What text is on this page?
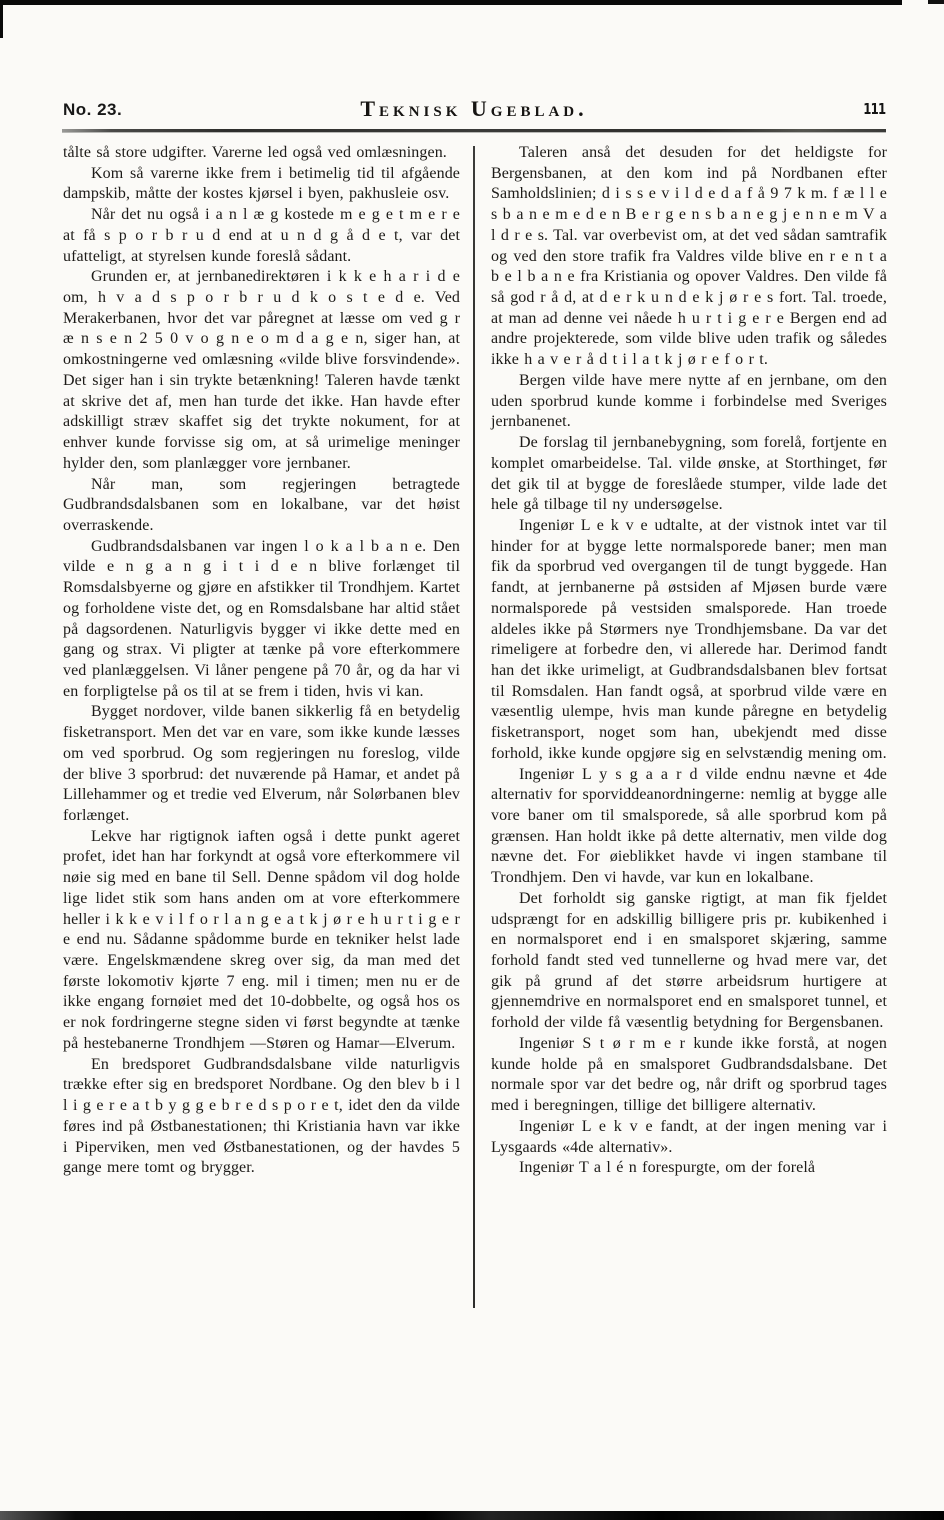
No. 23.	Teknisk Ugeblad.	111

tålte så store udgifter. Varerne led også ved omlæsningen.

Kom så varerne ikke frem i betimelig tid til afgående dampskib, måtte der kostes kjørsel i byen, pakhusleie osv.

Når det nu også i a n l æ g kostede m e g e t m e r e at få s p o r b r u d end at u n d g å d e t, var det ufatteligt, at styrelsen kunde foreslå sådant.

Grunden er, at jernbanedirektøren i k k e h a r i d e om, h v a d s p o r b r u d k o s t e d e. Ved Merakerbanen, hvor det var påregnet at læsse om ved g r æ n s e n 2 5 0 v o g n e o m d a g e n, siger han, at omkostningerne ved omlæsning «vilde blive forsvindende». Det siger han i sin trykte betænkning! Taleren havde tænkt at skrive det af, men han turde det ikke. Han havde efter adskilligt stræv skaffet sig det trykte nokument, for at enhver kunde forvisse sig om, at så urimelige meninger hylder den, som planlægger vore jernbaner.

Når man, som regjeringen betragtede Gudbrandsdalsbanen som en lokalbane, var det høist overraskende.

Gudbrandsdalsbanen var ingen l o k a l b a n e. Den vilde e n g a n g i t i d e n blive forlænget til Romsdalsbyerne og gjøre en afstikker til Trondhjem. Kartet og forholdene viste det, og en Romsdalsbane har altid stået på dagsordenen. Naturligvis bygger vi ikke dette med en gang og strax. Vi pligter at tænke på vore efterkommere ved planlæggelsen. Vi låner pengene på 70 år, og da har vi en forpligtelse på os til at se frem i tiden, hvis vi kan.

Bygget nordover, vilde banen sikkerlig få en betydelig fisketransport. Men det var en vare, som ikke kunde læsses om ved sporbrud. Og som regjeringen nu foreslog, vilde der blive 3 sporbrud: det nuværende på Hamar, et andet på Lillehammer og et tredie ved Elverum, når Solørbanen blev forlænget.

Lekve har rigtignok iaften også i dette punkt ageret profet, idet han har forkyndt at også vore efterkommere vil nøie sig med en bane til Sell. Denne spådom vil dog holde lige lidet stik som hans anden om at vore efterkommere heller i k k e v i l f o r l a n g e a t k j ø r e h u r t i g e r e end nu. Sådanne spådomme burde en tekniker helst lade være. Engelskmændene skreg over sig, da man med det første lokomotiv kjørte 7 eng. mil i timen; men nu er de ikke engang fornøiet med det 10-dobbelte, og også hos os er nok fordringerne stegne siden vi først begyndte at tænke på hestebanerne Trondhjem —Støren og Hamar—Elverum.

En bredsporet Gudbrandsdalsbane vilde naturligvis trække efter sig en bredsporet Nordbane. Og den blev b i l l i g e r e a t b y g g e b r e d s p o r e t, idet den da vilde føres ind på Østbanestationen; thi Kristiania havn var ikke i Piperviken, men ved Østbanestationen, og der havdes 5 gange mere tomt og brygger.

Taleren anså det desuden for det heldigste for Bergensbanen, at den kom ind på Nordbanen efter Samholdslinien; d i s s e v i l d e d a f å 9 7 k m. f æ l l e s b a n e m e d e n B e r g e n s b a n e g j e n n e m V a l d r e s. Tal. var overbevist om, at det ved sådan samtrafik og ved den store trafik fra Valdres vilde blive en r e n t a b e l b a n e fra Kristiania og opover Valdres. Den vilde få så god r å d, at d e r k u n d e k j ø r e s fort. Tal. troede, at man ad denne vei nåede h u r t i g e r e Bergen end ad andre projekterede, som vilde blive uden trafik og således ikke h a v e r å d t i l a t k j ø r e f o r t.

Bergen vilde have mere nytte af en jernbane, om den uden sporbrud kunde komme i forbindelse med Sveriges jernbanenet.

De forslag til jernbanebygning, som forelå, fortjente en komplet omarbeidelse. Tal. vilde ønske, at Storthinget, før det gik til at bygge de foreslåede stumper, vilde lade det hele gå tilbage til ny undersøgelse.

Ingeniør L e k v e udtalte, at der vistnok intet var til hinder for at bygge lette normalsporede baner; men man fik da sporbrud ved overgangen til de tungt byggede. Han fandt, at jernbanerne på østsiden af Mjøsen burde være normalsporede på vestsiden smalsporede. Han troede aldeles ikke på Størmers nye Trondhjemsbane. Da var det rimeligere at forbedre den, vi allerede har. Derimod fandt han det ikke urimeligt, at Gudbrandsdalsbanen blev fortsat til Romsdalen. Han fandt også, at sporbrud vilde være en væsentlig ulempe, hvis man kunde påregne en betydelig fisketransport, noget som han, ubekjendt med disse forhold, ikke kunde opgjøre sig en selvstændig mening om.

Ingeniør L y s g a a r d vilde endnu nævne et 4de alternativ for sporviddeanordningerne: nemlig at bygge alle vore baner om til smalsporede, så alle sporbrud kom på grænsen. Han holdt ikke på dette alternativ, men vilde dog nævne det. For øieblikket havde vi ingen stambane til Trondhjem. Den vi havde, var kun en lokalbane.

Det forholdt sig ganske rigtigt, at man fik fjeldet udsprængt for en adskillig billigere pris pr. kubikenhed i en normalsporet end i en smalsporet skjæring, samme forhold fandt sted ved tunnellerne og hvad mere var, det gik på grund af det større arbeidsrum hurtigere at gjennemdrive en normalsporet end en smalsporet tunnel, et forhold der vilde få væsentlig betydning for Bergensbanen.

Ingeniør S t ø r m e r kunde ikke forstå, at nogen kunde holde på en smalsporet Gudbrandsdalsbane. Det normale spor var det bedre og, når drift og sporbrud tages med i beregningen, tillige det billigere alternativ.

Ingeniør L e k v e fandt, at der ingen mening var i Lysgaards «4de alternativ».

Ingeniør T a l é n forespurgte, om der forelå
